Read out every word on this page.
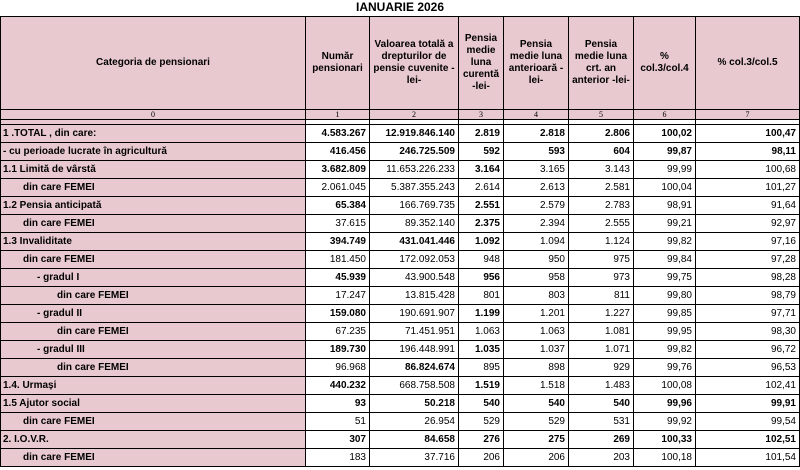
IANUARIE 2026
Categoria de pensionari	Număr pensionari	Valoarea totală a drepturilor de pensie cuvenite -lei-	Pensia medie luna curentă -lei-	Pensia medie luna anterioară - lei-	Pensia medie luna crt. an anterior -lei-	% col.3/col.4	% col.3/col.5
0	1	2	3	4	5	6	7

1 .TOTAL , din care:	4.583.267	12.919.846.140	2.819	2.818	2.806	100,02	100,47
- cu perioade lucrate în agricultură	416.456	246.725.509	592	593	604	99,87	98,11
1.1 Limită de vârstă	3.682.809	11.653.226.233	3.164	3.165	3.143	99,99	100,68
din care FEMEI	2.061.045	5.387.355.243	2.614	2.613	2.581	100,04	101,27
1.2 Pensia anticipată	65.384	166.769.735	2.551	2.579	2.783	98,91	91,64
din care FEMEI	37.615	89.352.140	2.375	2.394	2.555	99,21	92,97
1.3 Invaliditate	394.749	431.041.446	1.092	1.094	1.124	99,82	97,16
din care FEMEI	181.450	172.092.053	948	950	975	99,84	97,28
- gradul I	45.939	43.900.548	956	958	973	99,75	98,28
din care FEMEI	17.247	13.815.428	801	803	811	99,80	98,79
- gradul II	159.080	190.691.907	1.199	1.201	1.227	99,85	97,71
din care FEMEI	67.235	71.451.951	1.063	1.063	1.081	99,95	98,30
- gradul III	189.730	196.448.991	1.035	1.037	1.071	99,82	96,72
din care FEMEI	96.968	86.824.674	895	898	929	99,76	96,53
1.4. Urmași	440.232	668.758.508	1.519	1.518	1.483	100,08	102,41
1.5 Ajutor social	93	50.218	540	540	540	99,96	99,91
din care FEMEI	51	26.954	529	529	531	99,92	99,54
2. I.O.V.R.	307	84.658	276	275	269	100,33	102,51
din care FEMEI	183	37.716	206	206	203	100,18	101,54
